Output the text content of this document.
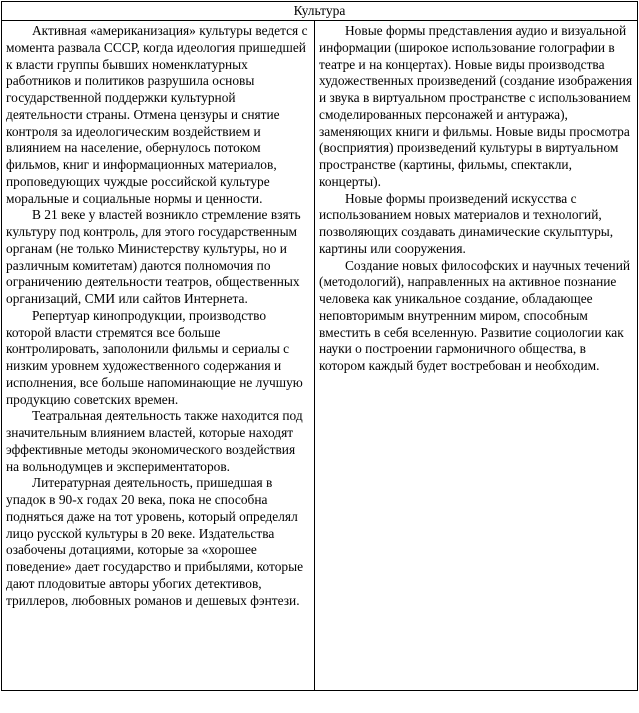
Культура

Активная «американизация» культуры ведется с момента развала СССР, когда идеология пришедшей к власти группы бывших номенклатурных работников и политиков разрушила основы государственной поддержки культурной деятельности страны. Отмена цензуры и снятие контроля за идеологическим воздействием и влиянием на население, обернулось потоком фильмов, книг и информационных материалов, проповедующих чуждые российской культуре моральные и социальные нормы и ценности.

В 21 веке у властей возникло стремление взять культуру под контроль, для этого государственным органам (не только Министерству культуры, но и различным комитетам) даются полномочия по ограничению деятельности театров, общественных организаций, СМИ или сайтов Интернета.

Репертуар кинопродукции, производство которой власти стремятся все больше контролировать, заполонили фильмы и сериалы с низким уровнем художественного содержания и исполнения, все больше напоминающие не лучшую продукцию советских времен.

Театральная деятельность также находится под значительным влиянием властей, которые находят эффективные методы экономического воздействия на вольнодумцев и экспериментаторов.

Литературная деятельность, пришедшая в упадок в 90-х годах 20 века, пока не способна подняться даже на тот уровень, который определял лицо русской культуры в 20 веке. Издательства озабочены дотациями, которые за «хорошее поведение» дает государство и прибылями, которые дают плодовитые авторы убогих детективов, триллеров, любовных романов и дешевых фэнтези.

Новые формы представления аудио и визуальной информации (широкое использование голографии в театре и на концертах). Новые виды производства художественных произведений (создание изображения и звука в виртуальном пространстве с использованием смоделированных персонажей и антуража), заменяющих книги и фильмы. Новые виды просмотра (восприятия) произведений культуры в виртуальном пространстве (картины, фильмы, спектакли, концерты).

Новые формы произведений искусства с использованием новых материалов и технологий, позволяющих создавать динамические скульптуры, картины или сооружения.

Создание новых философских и научных течений (методологий), направленных на активное познание человека как уникальное создание, обладающее неповторимым внутренним миром, способным вместить в себя вселенную. Развитие социологии как науки о построении гармоничного общества, в котором каждый будет востребован и необходим.
